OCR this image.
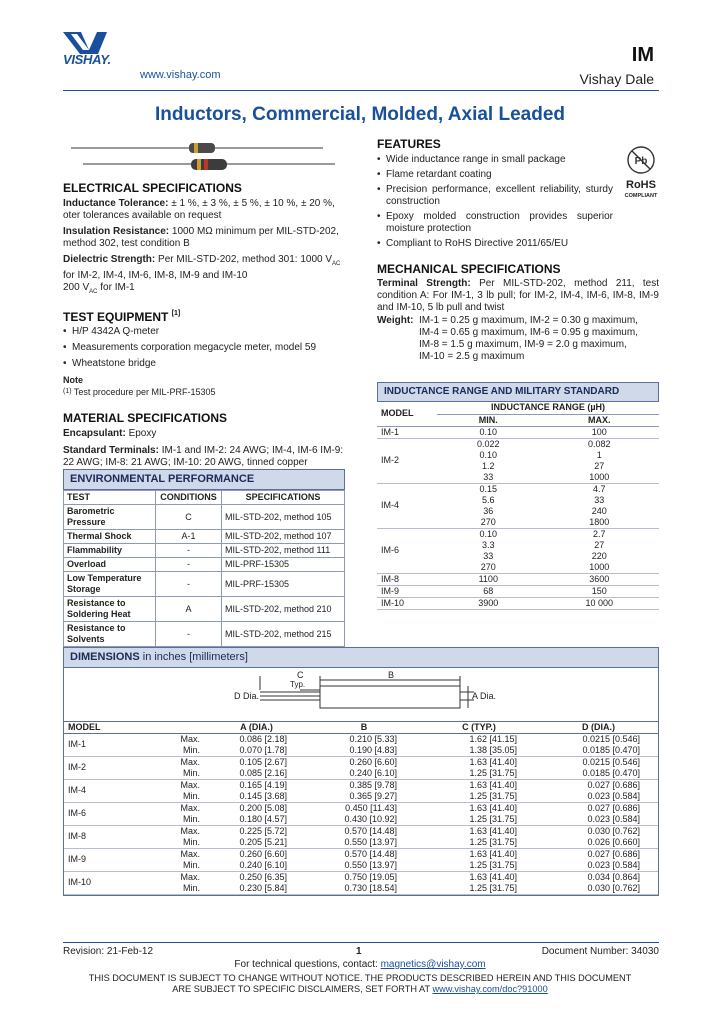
VISHAY.
www.vishay.com
IM
Vishay Dale
Inductors, Commercial, Molded, Axial Leaded
ELECTRICAL SPECIFICATIONS

Inductance Tolerance: ± 1 %, ± 3 %, ± 5 %, ± 10 %, ± 20 %, oter tolerances available on request

Insulation Resistance: 1000 MΩ minimum per MIL-STD-202, method 302, test condition B

Dielectric Strength: Per MIL-STD-202, method 301: 1000 $V_{AC}$ for IM-2, IM-4, IM-6, IM-8, IM-9 and IM-10
200 $V_{AC}$ for IM-1

TEST EQUIPMENT [1]
• H/P 4342A Q-meter
• Measurements corporation megacycle meter, model 59
• Wheatstone bridge

Note

$^{(1)}$ Test procedure per MIL-PRF-15305

MATERIAL SPECIFICATIONS

Encapsulant: Epoxy

Standard Terminals: IM-1 and IM-2: 24 AWG; IM-4, IM-6 IM-9: 22 AWG; IM-8: 21 AWG; IM-10: 20 AWG, tinned copper

ENVIRONMENTAL PERFORMANCE
TEST	CONDITIONS	SPECIFICATIONS
Barometric Pressure	C	MIL-STD-202, method 105
Thermal Shock	A-1	MIL-STD-202, method 107
Flammability	-	MIL-STD-202, method 111
Overload	-	MIL-PRF-15305
Low Temperature Storage	-	MIL-PRF-15305
Resistance to Soldering Heat	A	MIL-STD-202, method 210
Resistance to Solvents	-	MIL-STD-202, method 215
FEATURES
• Wide inductance range in small package
• Flame retardant coating
• Precision performance, excellent reliability, sturdy construction
• Epoxy molded construction provides superior moisture protection
• Compliant to RoHS Directive 2011/65/EU
Pb
RoHS
COMPLIANT
MECHANICAL SPECIFICATIONS

Terminal Strength: Per MIL-STD-202, method 211, test condition A: For IM-1, 3 lb pull; for IM-2, IM-4, IM-6, IM-8, IM-9 and IM-10, 5 lb pull and twist

Weight: IM-1 = 0.25 g maximum, IM-2 = 0.30 g maximum,

IM-4 = 0.65 g maximum, IM-6 = 0.95 g maximum,

IM-8 = 1.5 g maximum, IM-9 = 2.0 g maximum,

IM-10 = 2.5 g maximum

INDUCTANCE RANGE AND MILITARY STANDARD
MODEL	INDUCTANCE RANGE (µH)	
	MIN.	MAX.
IM-1	0.10	100
IM-2	0.022	0.082
	0.10	1
	1.2	27
	33	1000
IM-4	0.15	4.7
	5.6	33
	36	240
	270	1800
IM-6	0.10	2.7
	3.3	27
	33	220
	270	1000
IM-8	1100	3600
IM-9	68	150
IM-10	3900	10 000
DIMENSIONS in inches [millimeters]
C
Typ.
B
D Dia.	A Dia.
MODEL		A (DIA.)	B	C (TYP.)	D (DIA.)
IM-1	Max.	0.086 [2.18]	0.210 [5.33]	1.62 [41.15]	0.0215 [0.546]
	Min.	0.070 [1.78]	0.190 [4.83]	1.38 [35.05]	0.0185 [0.470]
IM-2	Max.	0.105 [2.67]	0.260 [6.60]	1.63 [41.40]	0.0215 [0.546]
	Min.	0.085 [2.16]	0.240 [6.10]	1.25 [31.75]	0.0185 [0.470]
IM-4	Max.	0.165 [4.19]	0.385 [9.78]	1.63 [41.40]	0.027 [0.686]
	Min.	0.145 [3.68]	0.365 [9.27]	1.25 [31.75]	0.023 [0.584]
IM-6	Max.	0.200 [5.08]	0.450 [11.43]	1.63 [41.40]	0.027 [0.686]
	Min.	0.180 [4.57]	0.430 [10.92]	1.25 [31.75]	0.023 [0.584]
IM-8	Max.	0.225 [5.72]	0.570 [14.48]	1.63 [41.40]	0.030 [0.762]
	Min.	0.205 [5.21]	0.550 [13.97]	1.25 [31.75]	0.026 [0.660]
IM-9	Max.	0.260 [6.60]	0.570 [14.48]	1.63 [41.40]	0.027 [0.686]
	Min.	0.240 [6.10]	0.550 [13.97]	1.25 [31.75]	0.023 [0.584]
IM-10	Max.	0.250 [6.35]	0.750 [19.05]	1.63 [41.40]	0.034 [0.864]
	Min.	0.230 [5.84]	0.730 [18.54]	1.25 [31.75]	0.030 [0.762]
Revision: 21-Feb-12	1	Document Number: 34030
For technical questions, contact: magnetics@vishay.com
THIS DOCUMENT IS SUBJECT TO CHANGE WITHOUT NOTICE. THE PRODUCTS DESCRIBED HEREIN AND THIS DOCUMENT
ARE SUBJECT TO SPECIFIC DISCLAIMERS, SET FORTH AT www.vishay.com/doc?91000
